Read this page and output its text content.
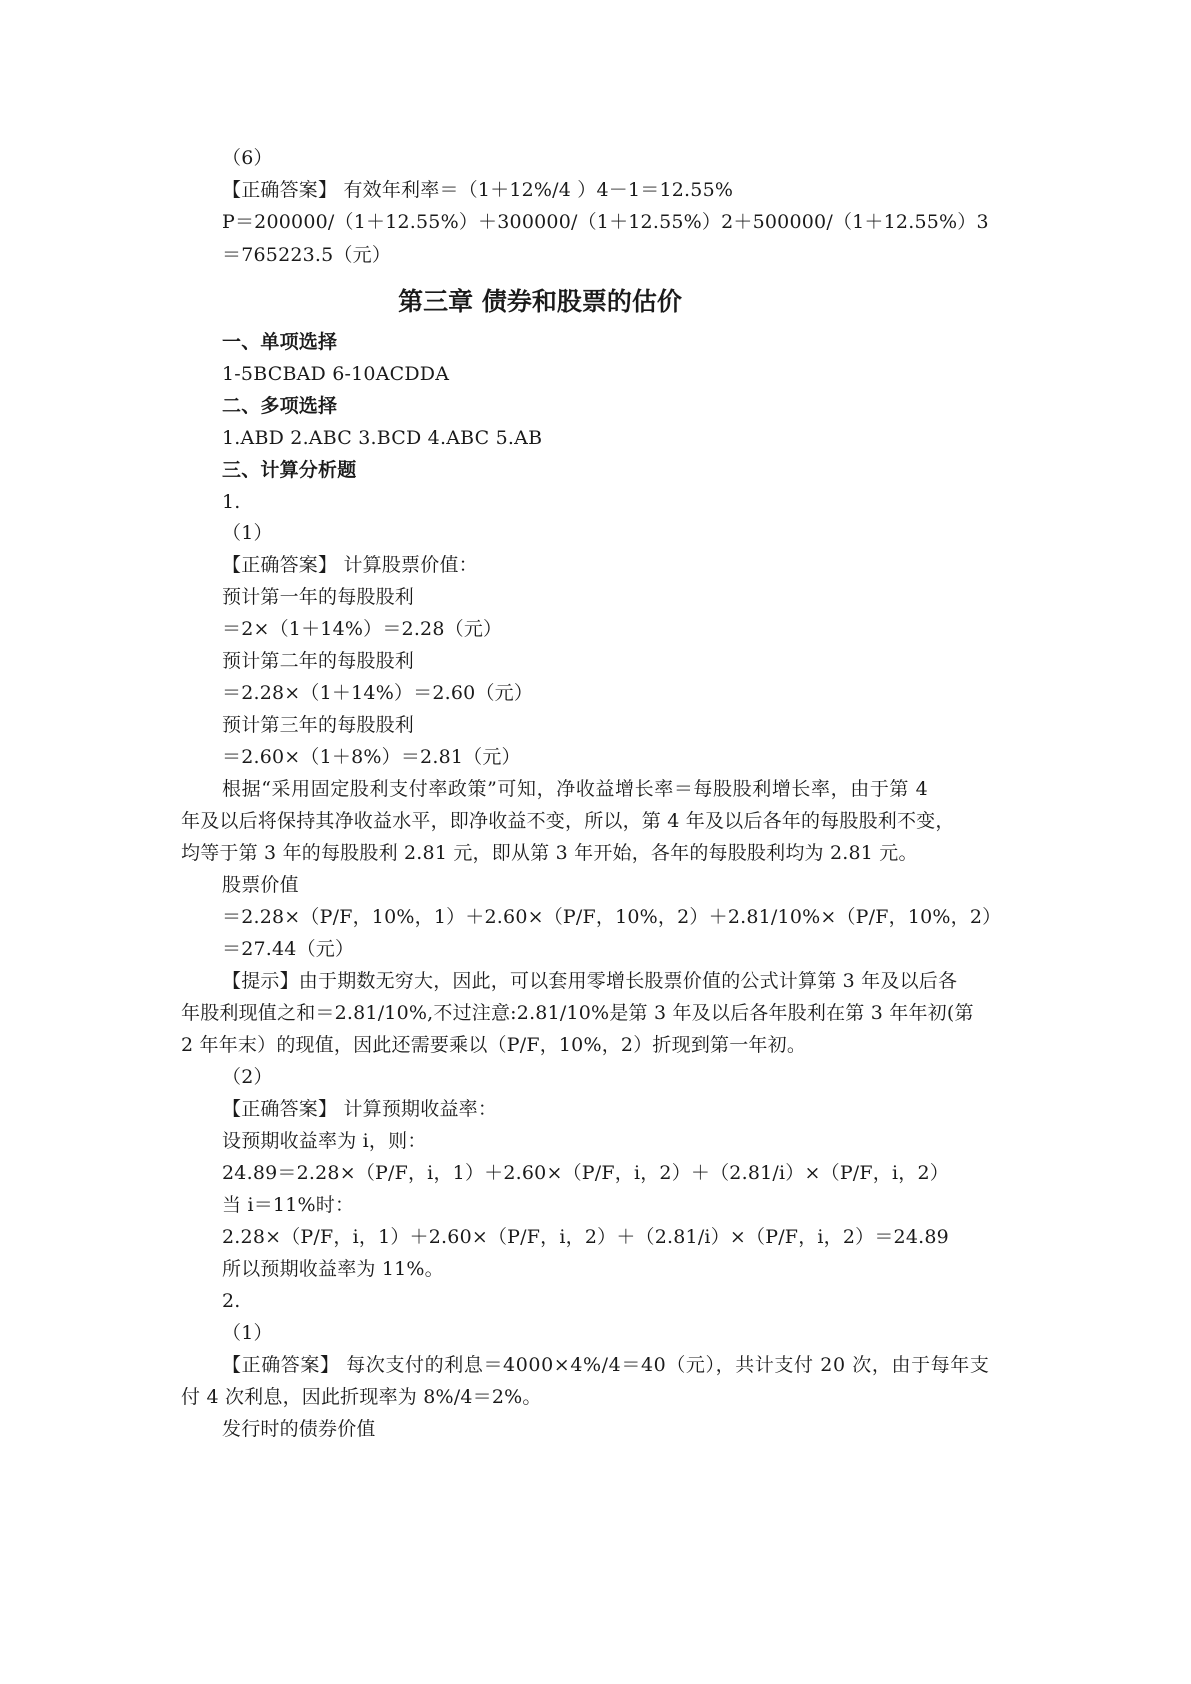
（6）
【正确答案】 有效年利率＝（1＋12%/4 ）4－1＝12.55%
P＝200000/（1＋12.55%）＋300000/（1＋12.55%）2＋500000/（1＋12.55%）3
＝765223.5（元）
第三章 债券和股票的估价
一、单项选择
1-5BCBAD 6-10ACDDA
二、多项选择
1.ABD 2.ABC 3.BCD 4.ABC 5.AB
三、计算分析题
1.
（1）
【正确答案】 计算股票价值：
预计第一年的每股股利
＝2×（1＋14%）＝2.28（元）
预计第二年的每股股利
＝2.28×（1＋14%）＝2.60（元）
预计第三年的每股股利
＝2.60×（1＋8%）＝2.81（元）
根据“采用固定股利支付率政策”可知，净收益增长率＝每股股利增长率，由于第 4
年及以后将保持其净收益水平，即净收益不变，所以，第 4 年及以后各年的每股股利不变，
均等于第 3 年的每股股利 2.81 元，即从第 3 年开始，各年的每股股利均为 2.81 元。
股票价值
＝2.28×（P/F，10%，1）＋2.60×（P/F，10%，2）＋2.81/10%×（P/F，10%，2）
＝27.44（元）
【提示】由于期数无穷大，因此，可以套用零增长股票价值的公式计算第 3 年及以后各
年股利现值之和＝2.81/10%,不过注意:2.81/10%是第 3 年及以后各年股利在第 3 年年初(第
2 年年末）的现值，因此还需要乘以（P/F，10%，2）折现到第一年初。
（2）
【正确答案】 计算预期收益率：
设预期收益率为 i，则：
24.89＝2.28×（P/F，i，1）＋2.60×（P/F，i，2）＋（2.81/i）×（P/F，i，2）
当 i＝11%时：
2.28×（P/F，i，1）＋2.60×（P/F，i，2）＋（2.81/i）×（P/F，i，2）＝24.89
所以预期收益率为 11%。
2.
（1）
【正确答案】 每次支付的利息＝4000×4%/4＝40（元），共计支付 20 次，由于每年支
付 4 次利息，因此折现率为 8%/4＝2%。
发行时的债券价值
